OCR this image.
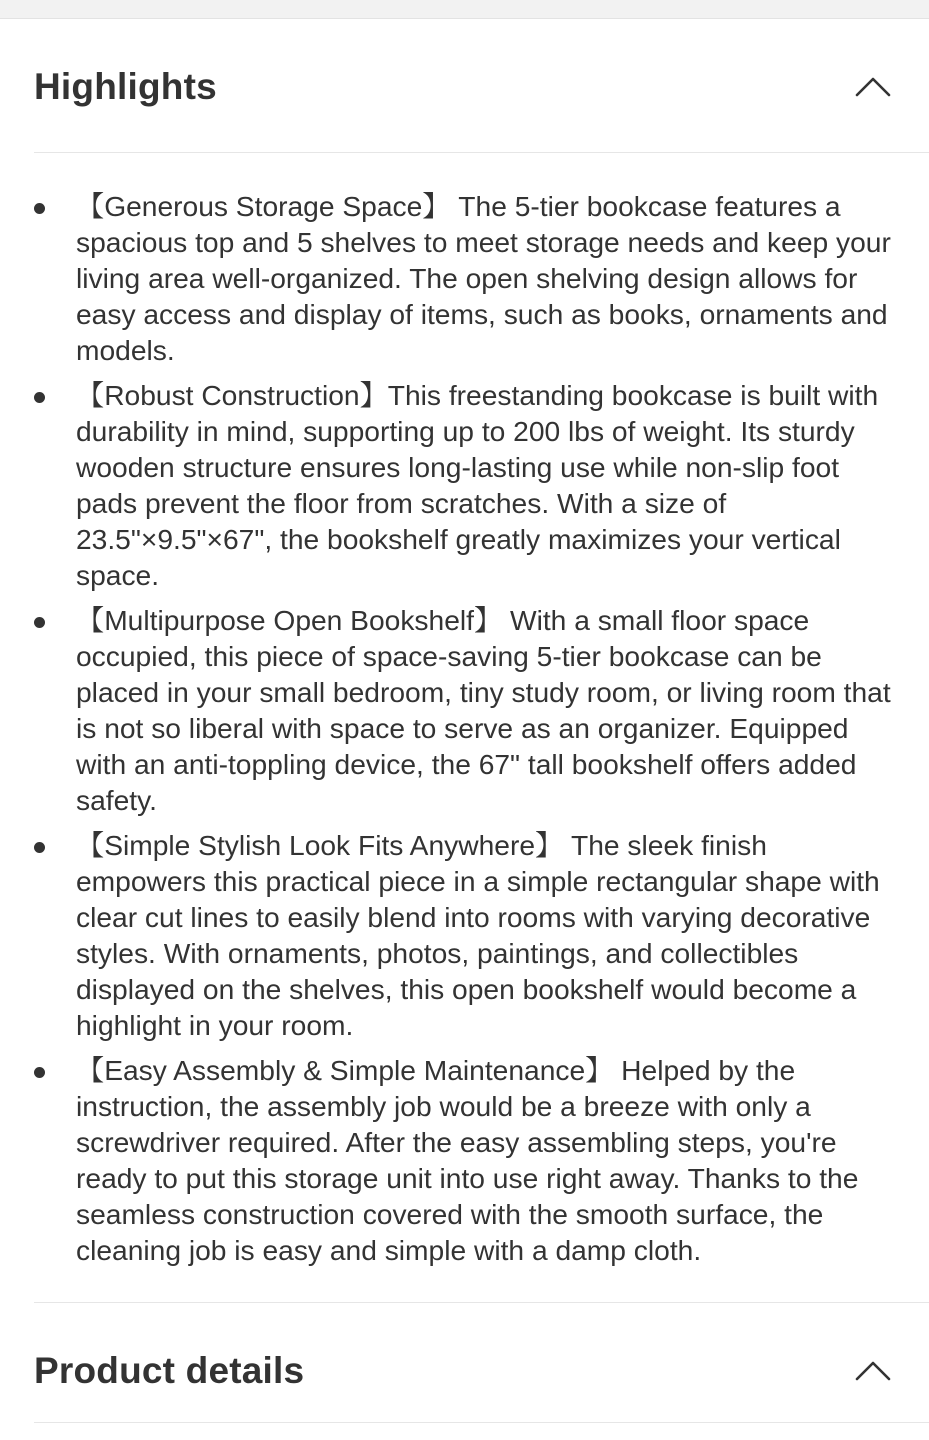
Highlights
【Generous Storage Space】 The 5-tier bookcase features a spacious top and 5 shelves to meet storage needs and keep your living area well-organized. The open shelving design allows for easy access and display of items, such as books, ornaments and models.
【Robust Construction】This freestanding bookcase is built with durability in mind, supporting up to 200 lbs of weight. Its sturdy wooden structure ensures long-lasting use while non-slip foot pads prevent the floor from scratches. With a size of 23.5"×9.5"×67", the bookshelf greatly maximizes your vertical space.
【Multipurpose Open Bookshelf】 With a small floor space occupied, this piece of space-saving 5-tier bookcase can be placed in your small bedroom, tiny study room, or living room that is not so liberal with space to serve as an organizer. Equipped with an anti-toppling device, the 67" tall bookshelf offers added safety.
【Simple Stylish Look Fits Anywhere】 The sleek finish empowers this practical piece in a simple rectangular shape with clear cut lines to easily blend into rooms with varying decorative styles. With ornaments, photos, paintings, and collectibles displayed on the shelves, this open bookshelf would become a highlight in your room.
【Easy Assembly & Simple Maintenance】 Helped by the instruction, the assembly job would be a breeze with only a screwdriver required. After the easy assembling steps, you're ready to put this storage unit into use right away. Thanks to the seamless construction covered with the smooth surface, the cleaning job is easy and simple with a damp cloth.
Product details
